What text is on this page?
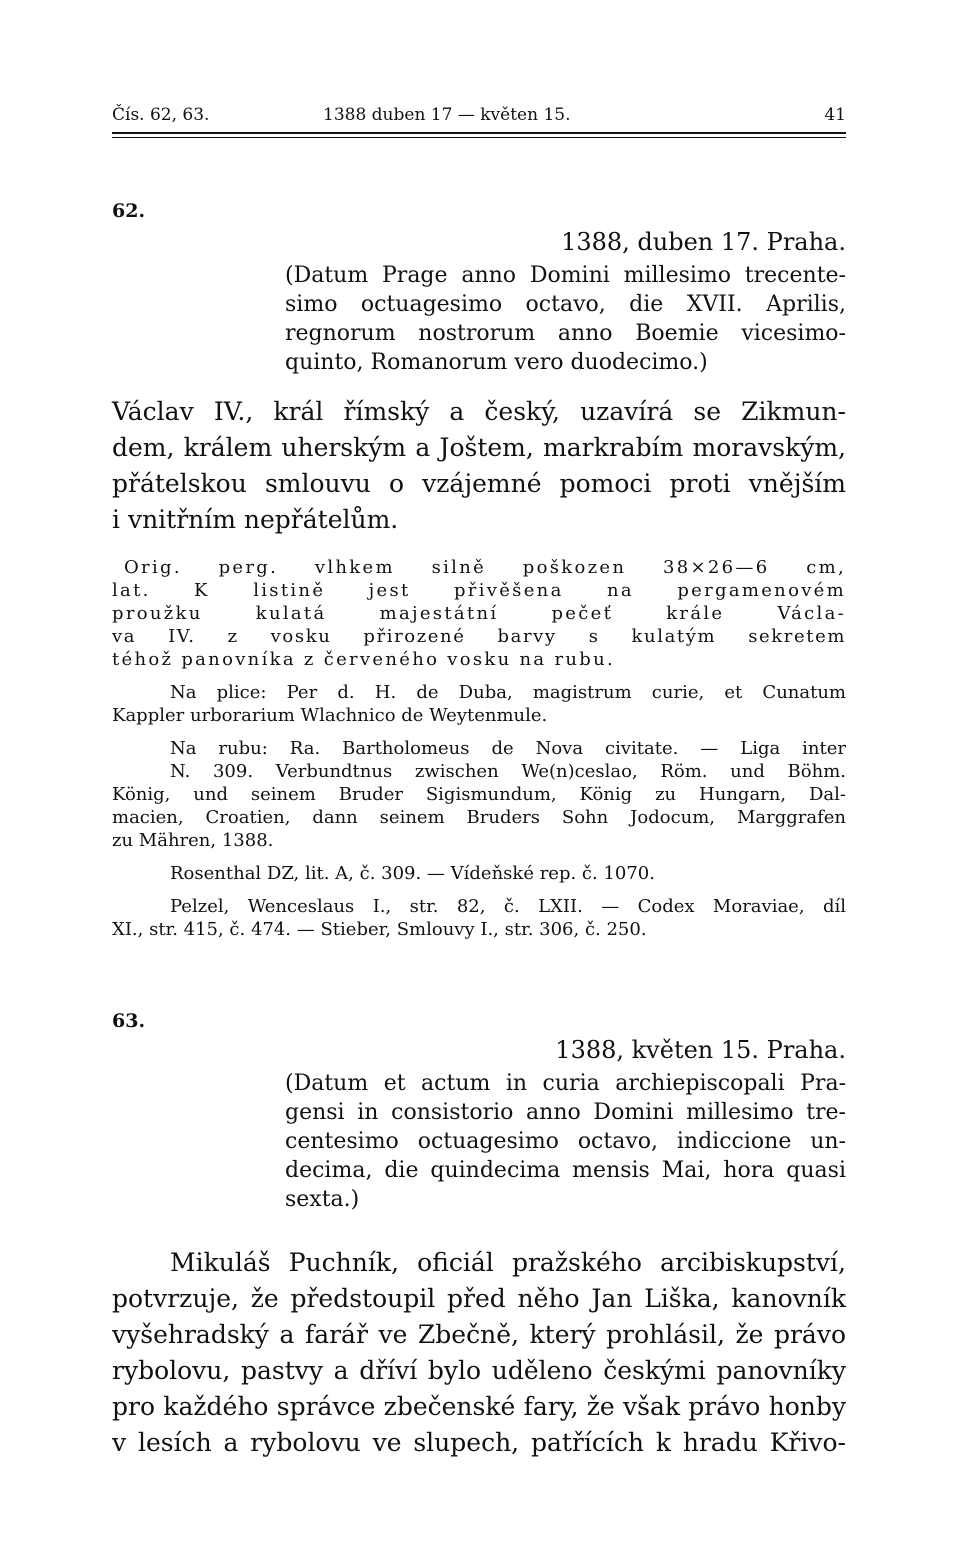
Čís. 62, 63.	1388 duben 17 — květen 15.	41
62.
1388, duben 17. Praha.
(Datum Prage anno Domini millesimo trecente-
simo octuagesimo octavo, die XVII. Aprilis,
regnorum nostrorum anno Boemie vicesimo-
quinto, Romanorum vero duodecimo.)
Václav IV., král římský a český, uzavírá se Zikmun-
dem, králem uherským a Joštem, markrabím moravským,
přátelskou smlouvu o vzájemné pomoci proti vnějším
i vnitřním nepřátelům.
Orig. perg. vlhkem silně poškozen 38×26—6 cm,
lat. K listině jest přivěšena na pergamenovém
proužku kulatá majestátní pečeť krále Václa-
va IV. z vosku přirozené barvy s kulatým sekretem
téhož panovníka z červeného vosku na rubu.
Na plice: Per d. H. de Duba, magistrum curie, et Cunatum
Kappler urborarium Wlachnico de Weytenmule.
Na rubu: Ra. Bartholomeus de Nova civitate. — Liga inter
N. 309. Verbundtnus zwischen We(n)ceslao, Röm. und Böhm.
König, und seinem Bruder Sigismundum, König zu Hungarn, Dal-
macien, Croatien, dann seinem Bruders Sohn Jodocum, Marggrafen
zu Mähren, 1388.
Rosenthal DZ, lit. A, č. 309. — Vídeňské rep. č. 1070.
Pelzel, Wenceslaus I., str. 82, č. LXII. — Codex Moraviae, díl
XI., str. 415, č. 474. — Stieber, Smlouvy I., str. 306, č. 250.
63.
1388, květen 15. Praha.
(Datum et actum in curia archiepiscopali Pra-
gensi in consistorio anno Domini millesimo tre-
centesimo octuagesimo octavo, indiccione un-
decima, die quindecima mensis Mai, hora quasi
sexta.)
Mikuláš Puchník, oficiál pražského arcibiskupství,
potvrzuje, že předstoupil před něho Jan Liška, kanovník
vyšehradský a farář ve Zbečně, který prohlásil, že právo
rybolovu, pastvy a dříví bylo uděleno českými panovníky
pro každého správce zbečenské fary, že však právo honby
v lesích a rybolovu ve slupech, patřících k hradu Křivo-
